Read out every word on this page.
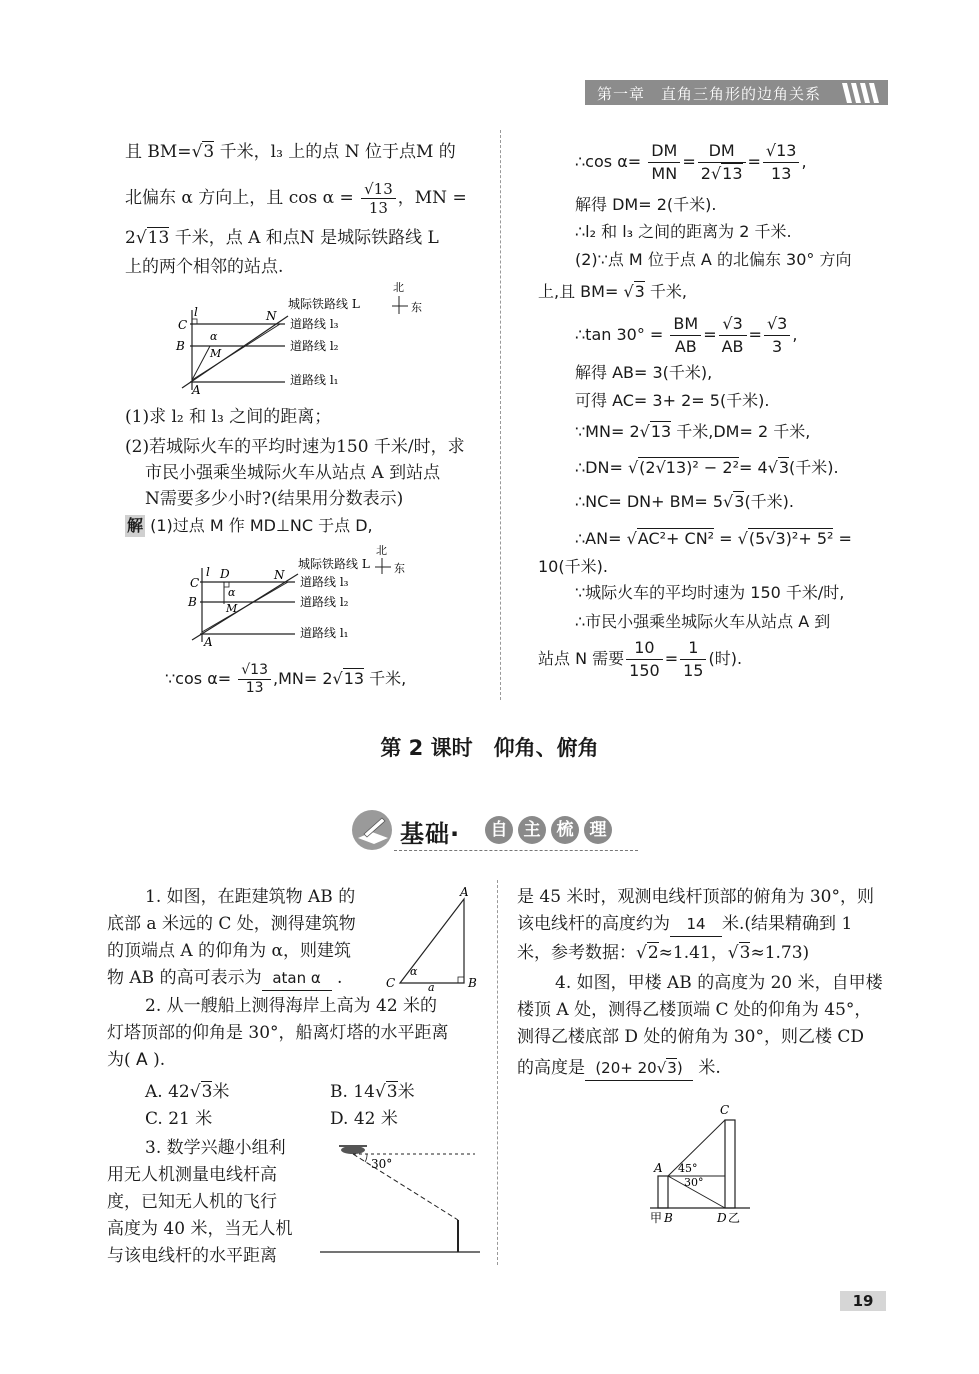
第一章　 直角三角形的边角关系
且 BM=√3 千米，l₃ 上的点 N 位于点M 的
北偏东 α 方向上，且 $\cos \alpha = \frac{√13}{13}$ ，MN =
2√13 千米，点 A 和点N 是城际铁路线 L
上的两个相邻的站点.
C
B
A
N
M
l
α
道路线 l₃
道路线 l₂
道路线 l₁
城际铁路线 L
北
东
(1)求 l₂ 和 l₃ 之间的距离；
(2)若城际火车的平均时速为150 千米/时，求
市民小强乘坐城际火车从站点 A 到站点
N需要多少小时?(结果用分数表示)
解 (1)过点 M 作 MD⊥NC 于点 D,
C
B
A
D	N
M
l
α
道路线 l₃
道路线 l₂
道路线 l₁
城际铁路线 L
北
东
∵cos $\alpha= \frac{√13}{13} ,MN= 2√13$ 千米,
∴cos $\alpha= \frac{DM}{MN} = \frac{DM}{2√13} = \frac{√13}{13}$ ,
解得 DM= 2(千米).
∴l₂ 和 l₃ 之间的距离为 2 千米.
(2)∵点 M 位于点 A 的北偏东 30° 方向
上,且 BM= √3 千米,
∴tan $30^\circ = \frac{BM}{AB} = \frac{√3}{AB} = \frac{√3}{3}$ ,
解得 AB= 3(千米),
可得 AC= 3+ 2= 5(千米).
∵MN= 2√13 千米,DM= 2 千米,
∴DN= √(2√13)² − 2²= 4√3(千米).
∴NC= DN+ BM= 5√3(千米).
∴AN= √AC²+ CN² = √(5√3)²+ 5² =
10(千米).
∵城际火车的平均时速为 150 千米/时,
∴市民小强乘坐城际火车从站点 A 到
站点 N 需要 $\frac{10}{150} = \frac{1}{15}$ (时).
第 2 课时　仰角、俯角
基础·	自 主 梳 理
1. 如图，在距建筑物 AB 的
底部 a 米远的 C 处，测得建筑物
的顶端点 A 的仰角为 α，则建筑
物 AB 的高可表示为 atan α .
A
B
C	a
α
2. 从一艘船上测得海岸上高为 42 米的
灯塔顶部的仰角是 30°，船离灯塔的水平距离
为( A ).
A. 42√3米	B. 14√3米
C. 21 米	D. 42 米
3. 数学兴趣小组利
用无人机测量电线杆高
度，已知无人机的飞行
高度为 40 米，当无人机
与该电线杆的水平距离
30°
是 45 米时，观测电线杆顶部的俯角为 30°，则
该电线杆的高度约为 14 米.(结果精确到 1
米，参考数据：√2≈1.41，√3≈1.73)
4. 如图，甲楼 AB 的高度为 20 米，自甲楼
楼顶 A 处，测得乙楼顶端 C 处的仰角为 45°，
测得乙楼底部 D 处的俯角为 30°，则乙楼 CD
的高度是 (20+ 20√3) 米.
C
A 45°
30°
甲 B	D 乙
19
